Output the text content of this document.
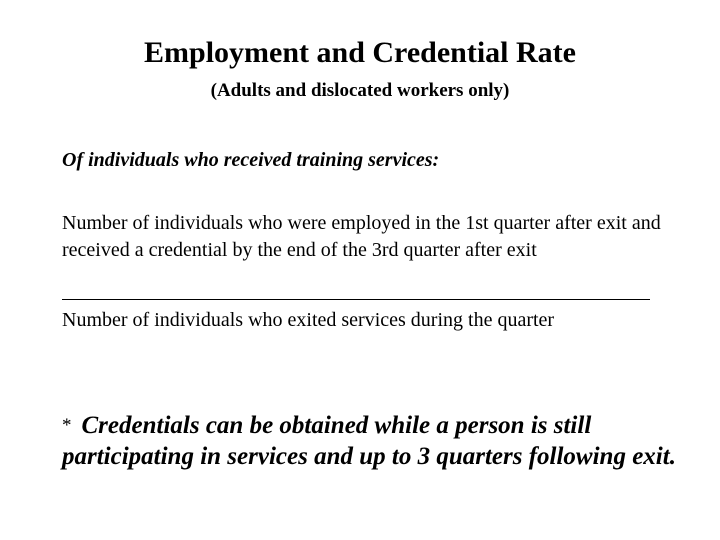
Employment and Credential Rate
(Adults and dislocated workers only)
Of individuals who received training services:
Number of individuals who were employed in the 1st quarter after exit and received a credential by the end of the 3rd quarter after exit
Number of individuals who exited services during the quarter
* Credentials can be obtained while a person is still participating in services and up to 3 quarters following exit.
